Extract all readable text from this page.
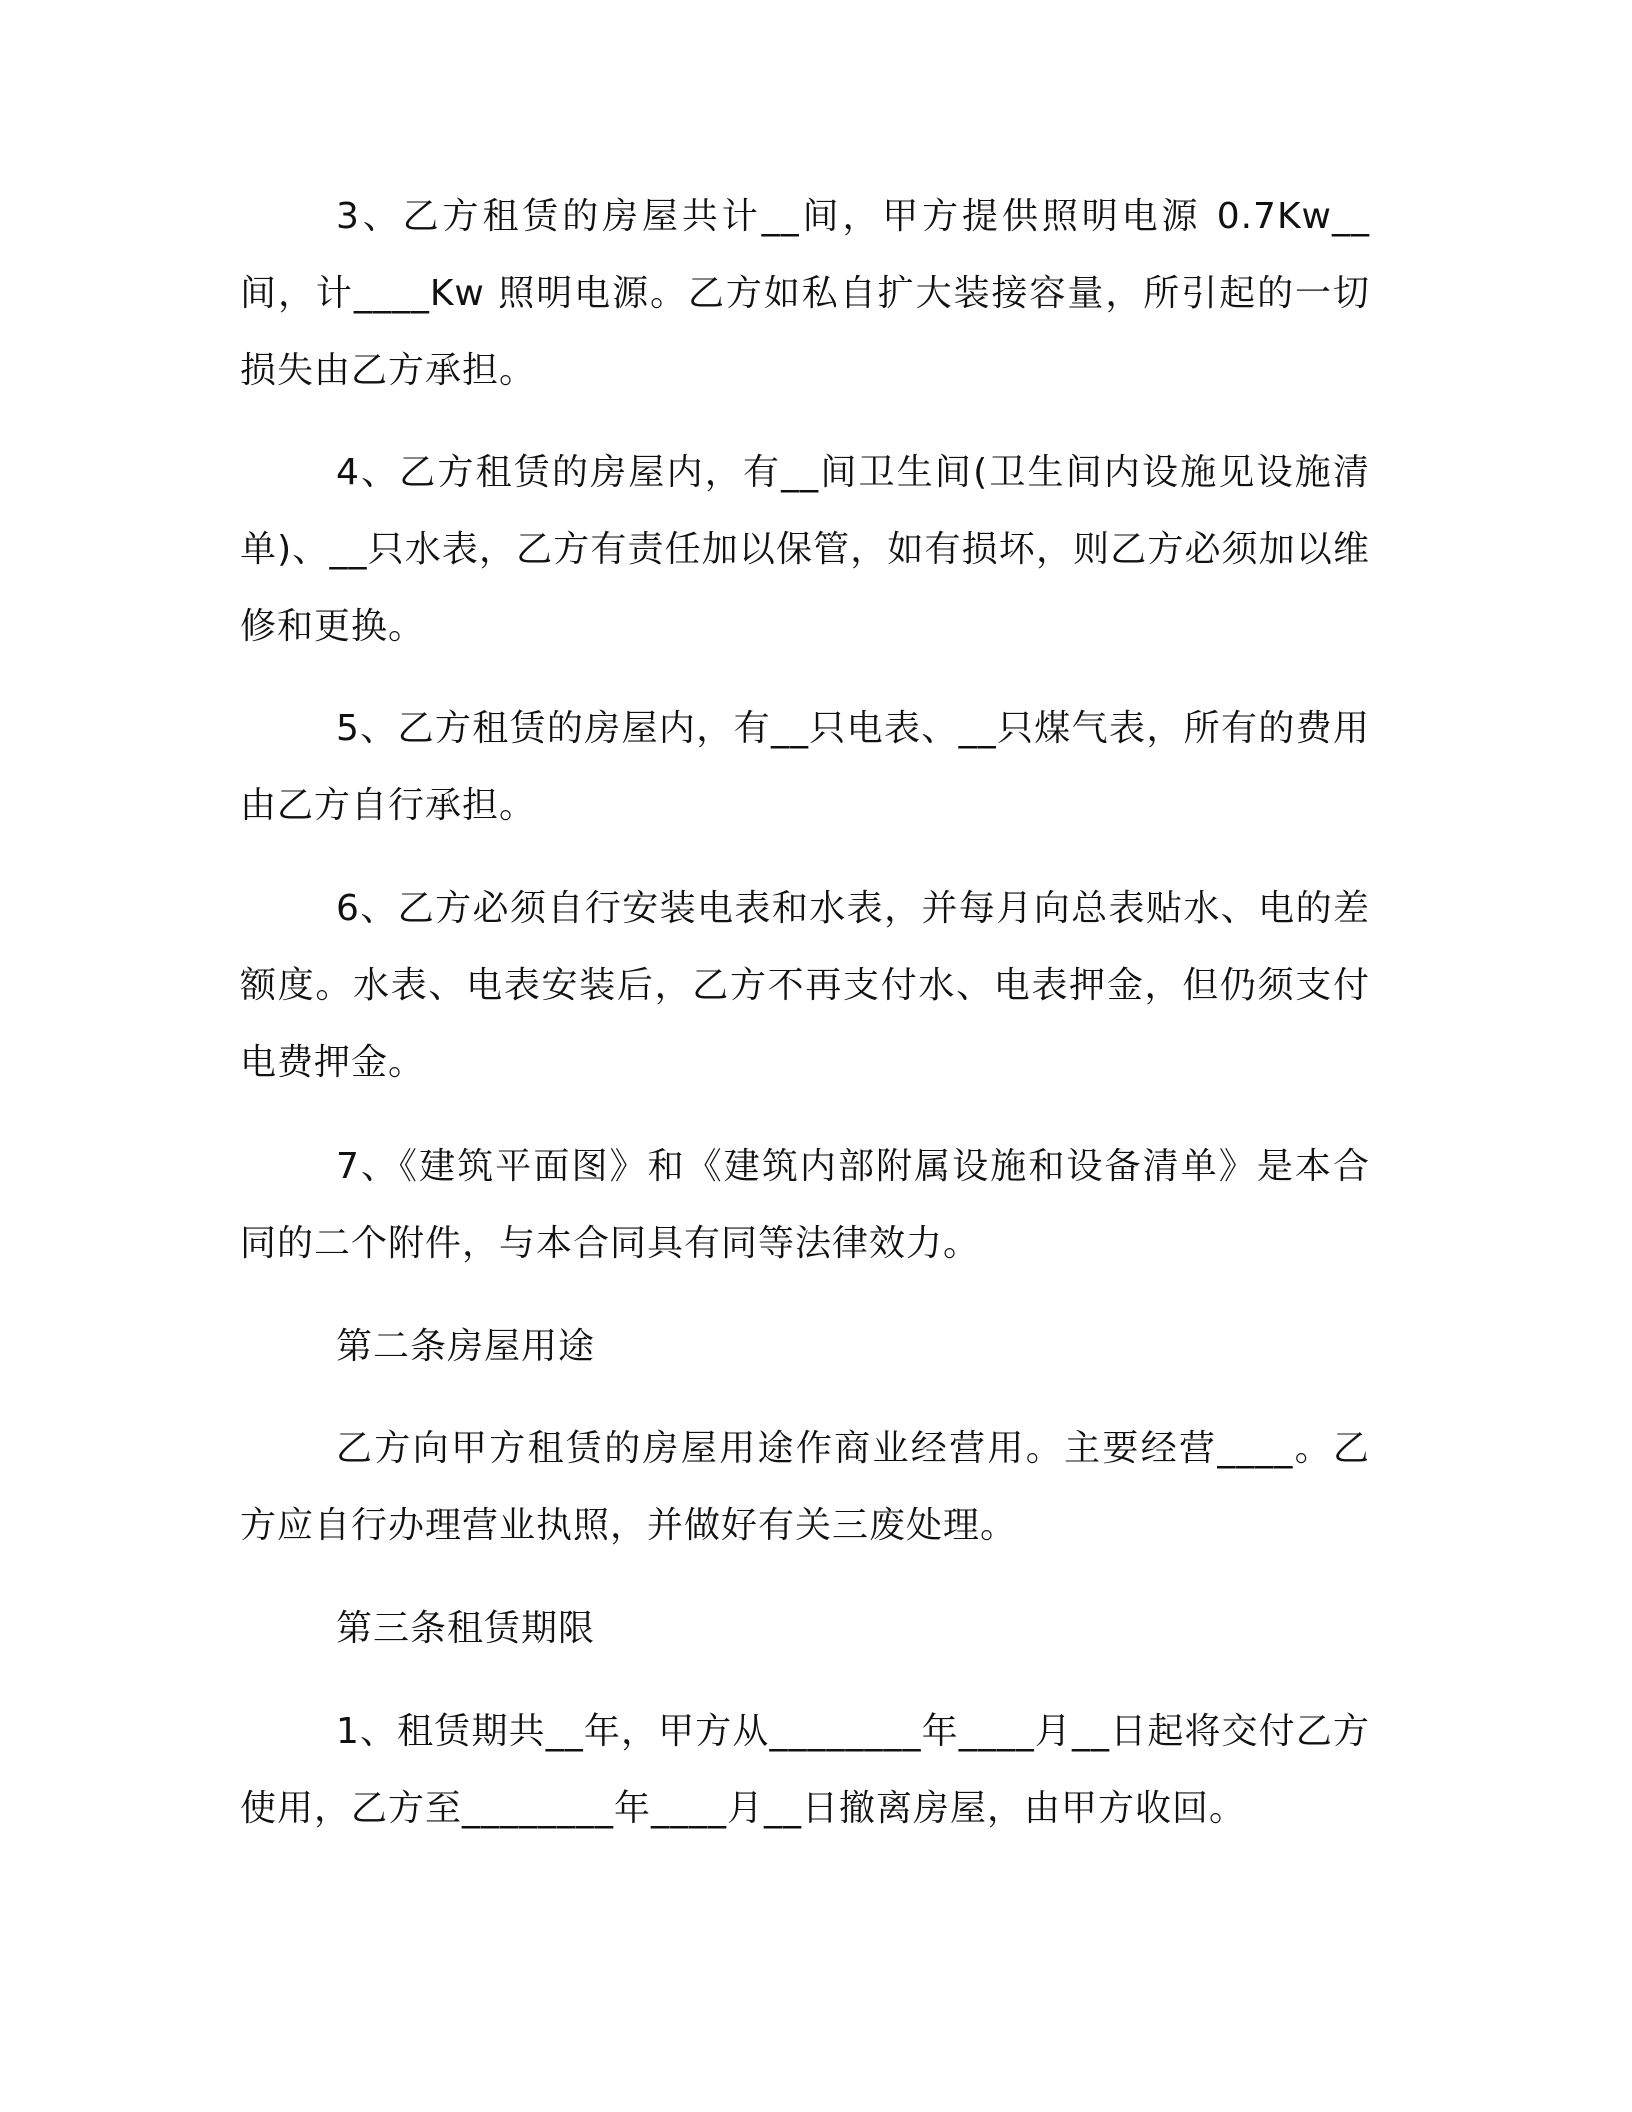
3、乙方租赁的房屋共计__间，甲方提供照明电源 0.7Kw__间，计____Kw 照明电源。乙方如私自扩大装接容量，所引起的一切损失由乙方承担。

4、乙方租赁的房屋内，有__间卫生间(卫生间内设施见设施清单)、__只水表，乙方有责任加以保管，如有损坏，则乙方必须加以维修和更换。

5、乙方租赁的房屋内，有__只电表、__只煤气表，所有的费用由乙方自行承担。

6、乙方必须自行安装电表和水表，并每月向总表贴水、电的差额度。水表、电表安装后，乙方不再支付水、电表押金，但仍须支付电费押金。

7、《建筑平面图》和《建筑内部附属设施和设备清单》是本合同的二个附件，与本合同具有同等法律效力。

第二条房屋用途

乙方向甲方租赁的房屋用途作商业经营用。主要经营____。乙方应自行办理营业执照，并做好有关三废处理。

第三条租赁期限

1、租赁期共__年，甲方从________年____月__日起将交付乙方使用，乙方至________年____月__日撤离房屋，由甲方收回。
